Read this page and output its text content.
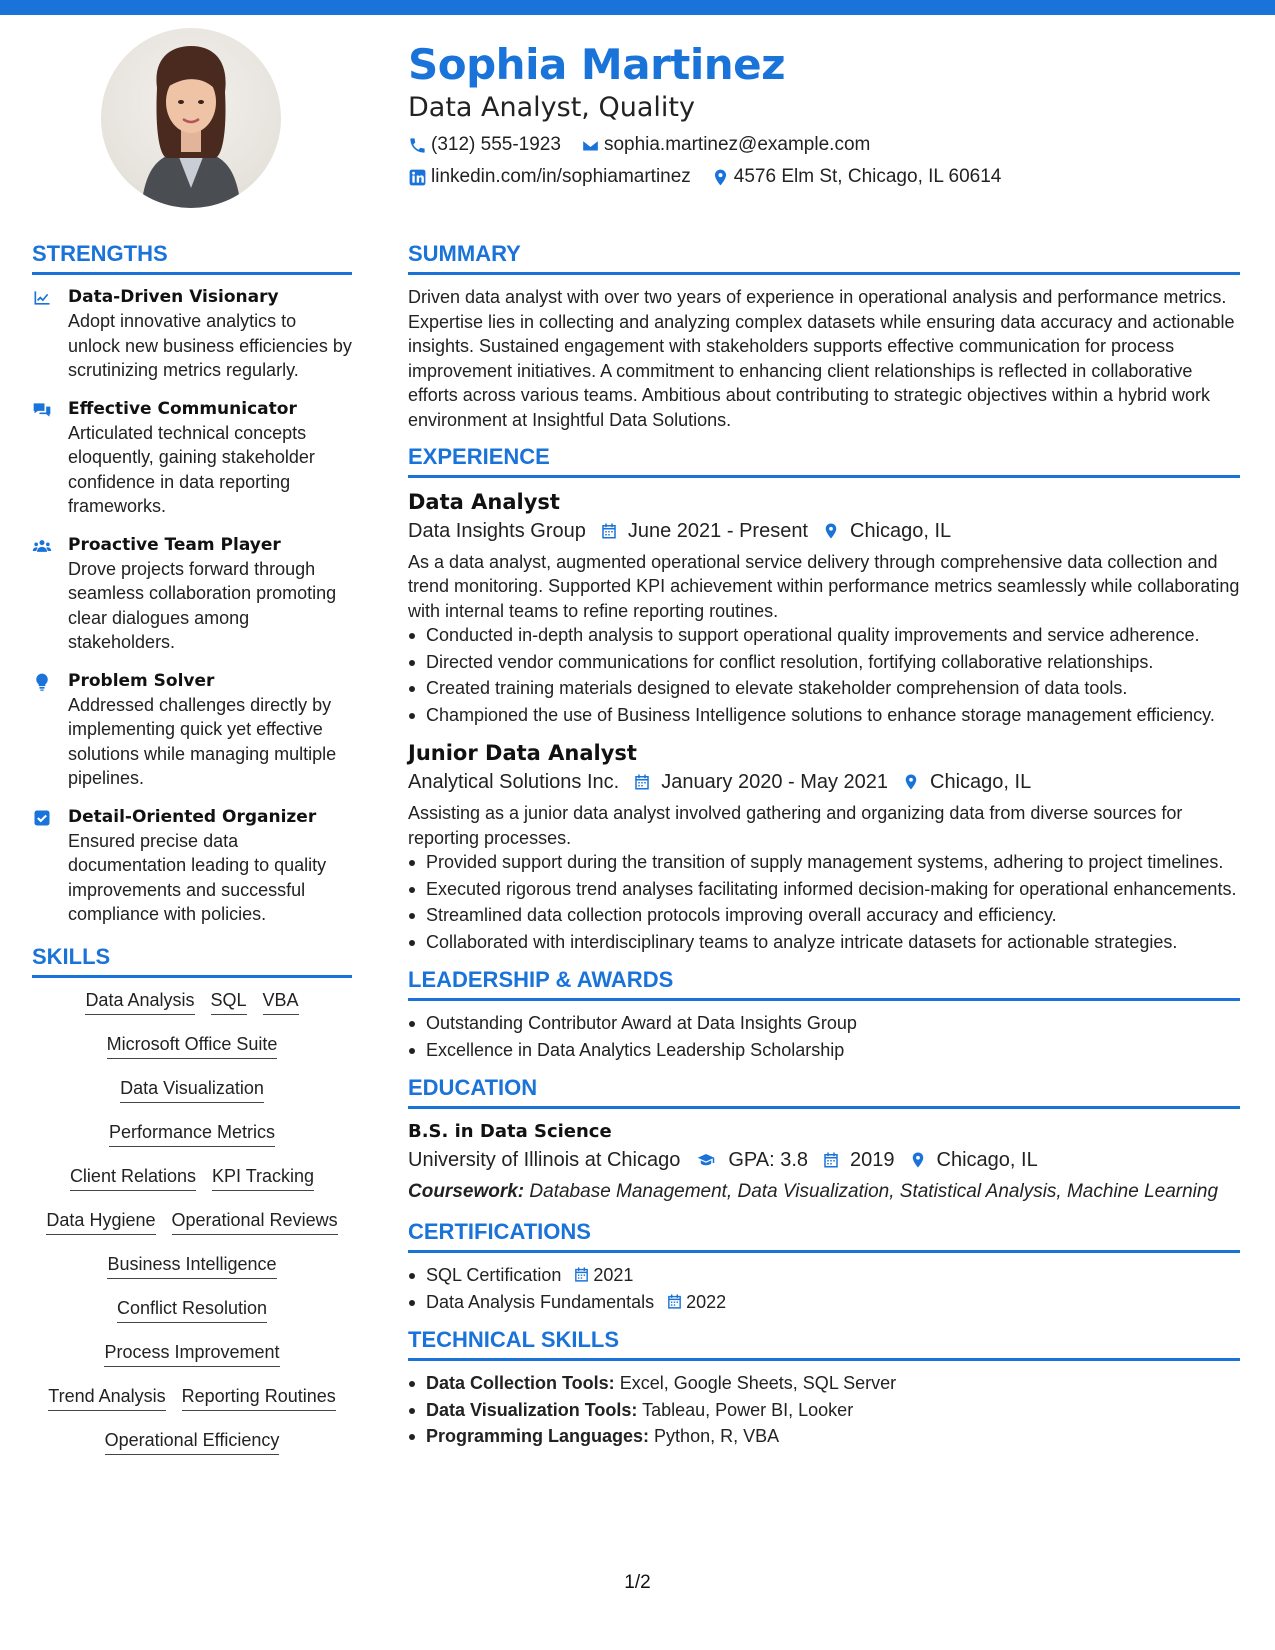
Sophia Martinez
Data Analyst, Quality
(312) 555-1923 sophia.martinez@example.com
linkedin.com/in/sophiamartinez 4576 Elm St, Chicago, IL 60614
STRENGTHS
Data-Driven Visionary
Adopt innovative analytics to unlock new business efficiencies by scrutinizing metrics regularly.
Effective Communicator
Articulated technical concepts eloquently, gaining stakeholder confidence in data reporting frameworks.
Proactive Team Player
Drove projects forward through seamless collaboration promoting clear dialogues among stakeholders.
Problem Solver
Addressed challenges directly by implementing quick yet effective solutions while managing multiple pipelines.
Detail-Oriented Organizer
Ensured precise data documentation leading to quality improvements and successful compliance with policies.
SKILLS
Data Analysis SQL VBA
Microsoft Office Suite
Data Visualization
Performance Metrics
Client Relations KPI Tracking
Data Hygiene Operational Reviews
Business Intelligence
Conflict Resolution
Process Improvement
Trend Analysis Reporting Routines
Operational Efficiency
SUMMARY
Driven data analyst with over two years of experience in operational analysis and performance metrics. Expertise lies in collecting and analyzing complex datasets while ensuring data accuracy and actionable insights. Sustained engagement with stakeholders supports effective communication for process improvement initiatives. A commitment to enhancing client relationships is reflected in collaborative efforts across various teams. Ambitious about contributing to strategic objectives within a hybrid work environment at Insightful Data Solutions.
EXPERIENCE
Data Analyst
Data Insights Group June 2021 - Present Chicago, IL
As a data analyst, augmented operational service delivery through comprehensive data collection and trend monitoring. Supported KPI achievement within performance metrics seamlessly while collaborating with internal teams to refine reporting routines.
Conducted in-depth analysis to support operational quality improvements and service adherence.
Directed vendor communications for conflict resolution, fortifying collaborative relationships.
Created training materials designed to elevate stakeholder comprehension of data tools.
Championed the use of Business Intelligence solutions to enhance storage management efficiency.
Junior Data Analyst
Analytical Solutions Inc. January 2020 - May 2021 Chicago, IL
Assisting as a junior data analyst involved gathering and organizing data from diverse sources for reporting processes.
Provided support during the transition of supply management systems, adhering to project timelines.
Executed rigorous trend analyses facilitating informed decision-making for operational enhancements.
Streamlined data collection protocols improving overall accuracy and efficiency.
Collaborated with interdisciplinary teams to analyze intricate datasets for actionable strategies.
LEADERSHIP & AWARDS
Outstanding Contributor Award at Data Insights Group
Excellence in Data Analytics Leadership Scholarship
EDUCATION
B.S. in Data Science
University of Illinois at Chicago GPA: 3.8 2019 Chicago, IL
Coursework: Database Management, Data Visualization, Statistical Analysis, Machine Learning
CERTIFICATIONS
SQL Certification 2021
Data Analysis Fundamentals 2022
TECHNICAL SKILLS
Data Collection Tools: Excel, Google Sheets, SQL Server
Data Visualization Tools: Tableau, Power BI, Looker
Programming Languages: Python, R, VBA
1/2
